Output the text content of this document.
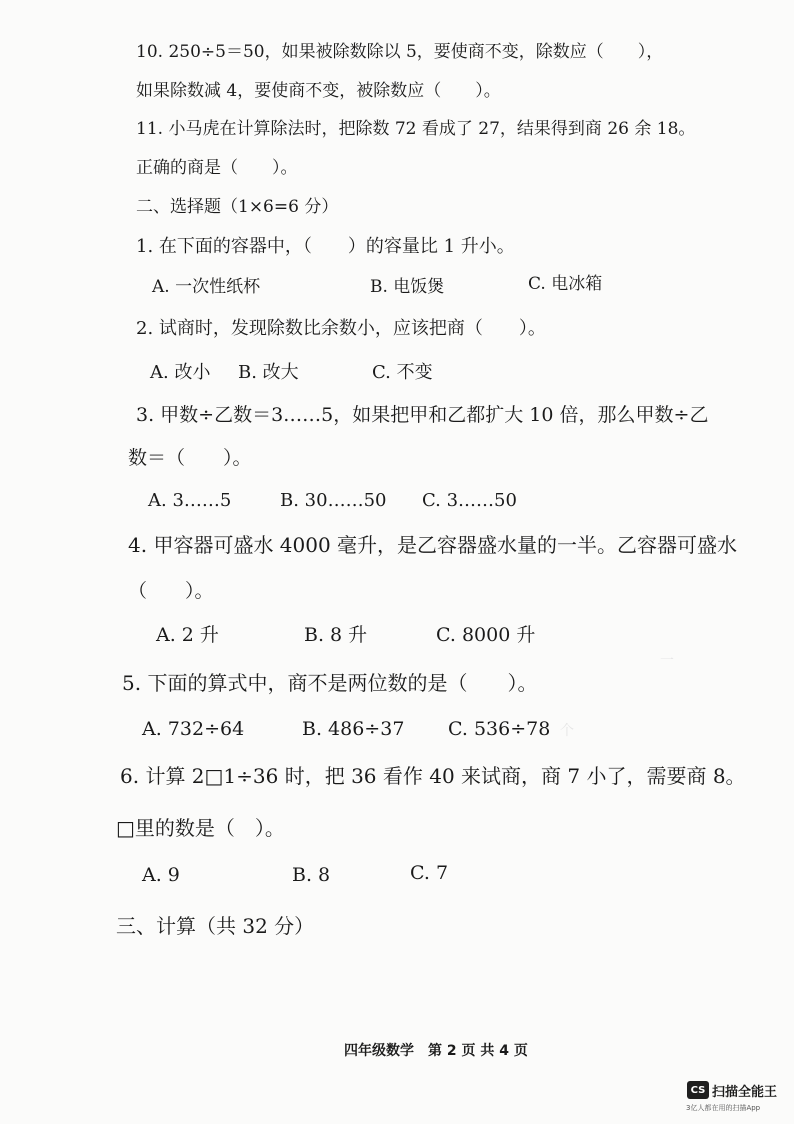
一
个
10. 250÷5＝50，如果被除数除以 5，要使商不变，除数应（　　），
如果除数减 4，要使商不变，被除数应（　　）。
11. 小马虎在计算除法时，把除数 72 看成了 27，结果得到商 26 余 18。
正确的商是（　　）。
二、选择题（1×6=6 分）
1. 在下面的容器中，（　　）的容量比 1 升小。
A. 一次性纸杯	B. 电饭煲	C. 电冰箱
2. 试商时，发现除数比余数小，应该把商（　　）。
A. 改小 B. 改大	C. 不变
3. 甲数÷乙数＝3……5，如果把甲和乙都扩大 10 倍，那么甲数÷乙
数＝（　　）。
A. 3……5	B. 30……50 C. 3……50
4. 甲容器可盛水 4000 毫升，是乙容器盛水量的一半。乙容器可盛水
（　　）。
A. 2 升	B. 8 升	C. 8000 升
5. 下面的算式中，商不是两位数的是（　　）。
A. 732÷64	B. 486÷37 C. 536÷78
6. 计算 2□1÷36 时，把 36 看作 40 来试商，商 7 小了，需要商 8。
□里的数是（　）。
A. 9	B. 8	C. 7
三、计算（共 32 分）
四年级数学　第 2 页 共 4 页
CS 扫描全能王
3亿人都在用的扫描App
